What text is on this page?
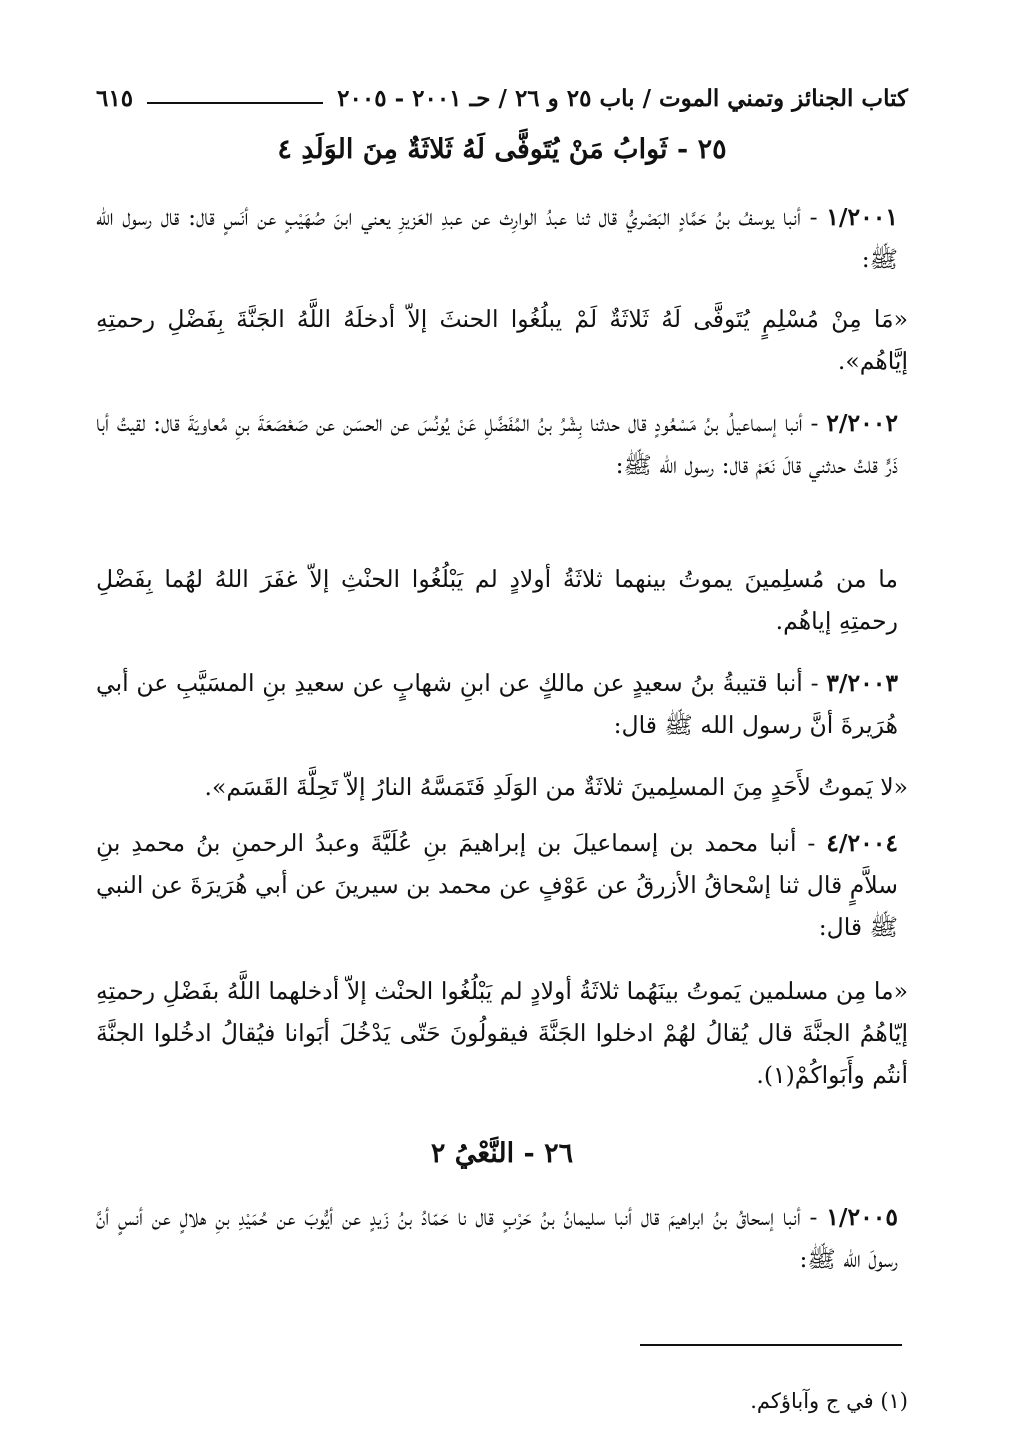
كتاب الجنائز وتمني الموت / باب ٢٥ و ٢٦ / حـ ٢٠٠١ - ٢٠٠٥
٦١٥
٢٥ - ثَوابُ مَنْ يُتَوفَّى لَهُ ثَلاثَةٌ مِنَ الوَلَدِ ٤
١/٢٠٠١ - أنبا يوسفُ بنُ حَمَّادٍ البَصْريُّ قال ثنا عبدُ الوارِث عن عبدِ العَزيزِ يعني ابنَ صُهَيْبٍ عن أنَسٍ قال: قال رسول الله ﷺ:
«مَا مِنْ مُسْلِمٍ يُتَوفَّى لَهُ ثَلاثَةٌ لَمْ يبلُغُوا الحنثَ إلاّ أدخلَهُ اللَّهُ الجَنَّةَ بِفَضْلِ رحمتِهِ إيَّاهُم».
٢/٢٠٠٢ - أنبا إسماعيلُ بنُ مَسْعُودٍ قال حدثنا بِشْرُ بنُ المُفَضَّلِ عَنْ يُونُسَ عن الحسَن عن صَعْصَعَةَ بنِ مُعاويَةَ قال: لقيتُ أبا ذَرٍّ قلتُ حدثني قالَ نَعَمْ قال: رسول الله ﷺ:
ما من مُسلِمينَ يموتُ بينهما ثلاثَةُ أولادٍ لم يَبْلُغُوا الحنْثِ إلاّ غفَرَ اللهُ لهُما بِفَضْلِ رحمتِهِ إياهُم.
٣/٢٠٠٣ - أنبا قتيبةُ بنُ سعيدٍ عن مالكٍ عن ابنِ شهابٍ عن سعيدِ بنِ المسَيَّبِ عن أبي هُرَيرةَ أنَّ رسول الله ﷺ قال:
«لا يَموتُ لأَحَدٍ مِنَ المسلِمينَ ثلاثَةٌ من الوَلَدِ فَتَمَسَّهُ النارُ إلاّ تَحِلَّةَ القَسَم».
٤/٢٠٠٤ - أنبا محمد بن إسماعيلَ بن إبراهيمَ بنِ عُلَيَّةَ وعبدُ الرحمنِ بنُ محمدِ بنِ سلاَّمٍ قال ثنا إسْحاقُ الأزرقُ عن عَوْفٍ عن محمد بن سيرينَ عن أبي هُرَيرَةَ عن النبي ﷺ قال:
«ما مِن مسلمين يَموتُ بينَهُما ثلاثَةُ أولادٍ لم يَبْلُغُوا الحنْث إلاّ أدخلهما اللَّهُ بفَضْلِ رحمتِهِ إيّاهُمُ الجنَّةَ قال يُقالُ لهُمْ ادخلوا الجَنَّةَ فيقولُونَ حَتّى يَدْخُلَ أبَوانا فيُقالُ ادخُلوا الجنَّةَ أنتُم وأَبَواكُمْ(١).
٢٦ - النَّعْيُ ٢
١/٢٠٠٥ - أنبا إسحاقُ بنُ ابراهيمَ قال أنبا سليمانُ بنُ حَرْبٍ قال نا حَمّادُ بنُ زَيدٍ عن أيُّوبَ عن حُمَيْدِ بنِ هلالٍ عن أنسٍ أنَّ رسولَ الله ﷺ:
(١) في ج وآباؤكم.
